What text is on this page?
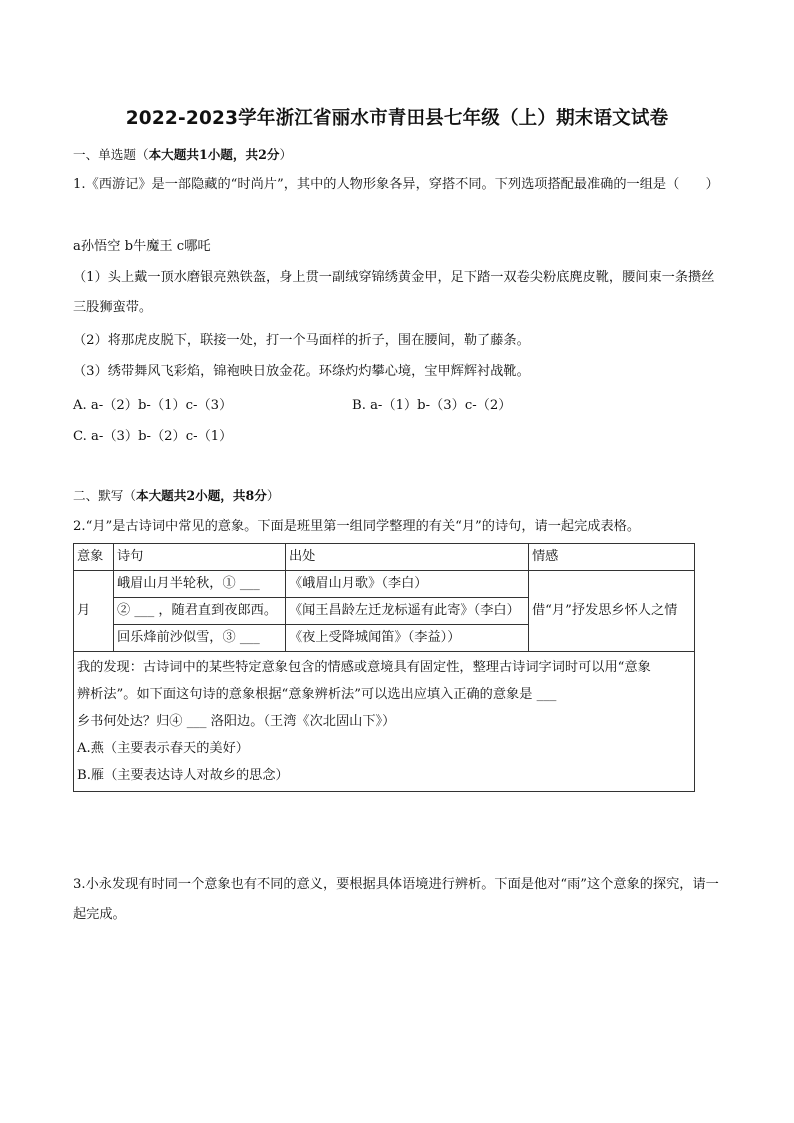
2022-2023学年浙江省丽水市青田县七年级（上）期末语文试卷
一、单选题（本大题共1小题，共2分）
1.《西游记》是一部隐藏的“时尚片”，其中的人物形象各异，穿搭不同。下列选项搭配最准确的一组是（　　）
a孙悟空 b牛魔王 c哪吒
（1）头上戴一顶水磨银亮熟铁盔，身上贯一副绒穿锦绣黄金甲，足下踏一双卷尖粉底麂皮靴，腰间束一条攒丝三股狮蛮带。
（2）将那虎皮脱下，联接一处，打一个马面样的折子，围在腰间，勒了藤条。
（3）绣带舞风飞彩焰，锦袍映日放金花。环绦灼灼攀心境，宝甲辉辉衬战靴。
A. a-（2）b-（1）c-（3）	B. a-（1）b-（3）c-（2）
C. a-（3）b-（2）c-（1）
二、默写（本大题共2小题，共8分）
2.“月”是古诗词中常见的意象。下面是班里第一组同学整理的有关“月”的诗句，请一起完成表格。
意象	诗句	出处	情感
月	峨眉山月半轮秋，① ___	《峨眉山月歌》（李白）	借“月”抒发思乡怀人之情
	② ___ ，随君直到夜郎西。	《闻王昌龄左迁龙标遥有此寄》（李白）	
	回乐烽前沙似雪，③ ___	《夜上受降城闻笛》（李益））	

我的发现：古诗词中的某些特定意象包含的情感或意境具有固定性，整理古诗词字词时可以用“意象
辨析法”。如下面这句诗的意象根据“意象辨析法”可以选出应填入正确的意象是 ___
乡书何处达？归④ ___ 洛阳边。（王湾《次北固山下》）
A.燕（主要表示春天的美好）
B.雁（主要表达诗人对故乡的思念）			
3.小永发现有时同一个意象也有不同的意义，要根据具体语境进行辨析。下面是他对“雨”这个意象的探究，请一起完成。
